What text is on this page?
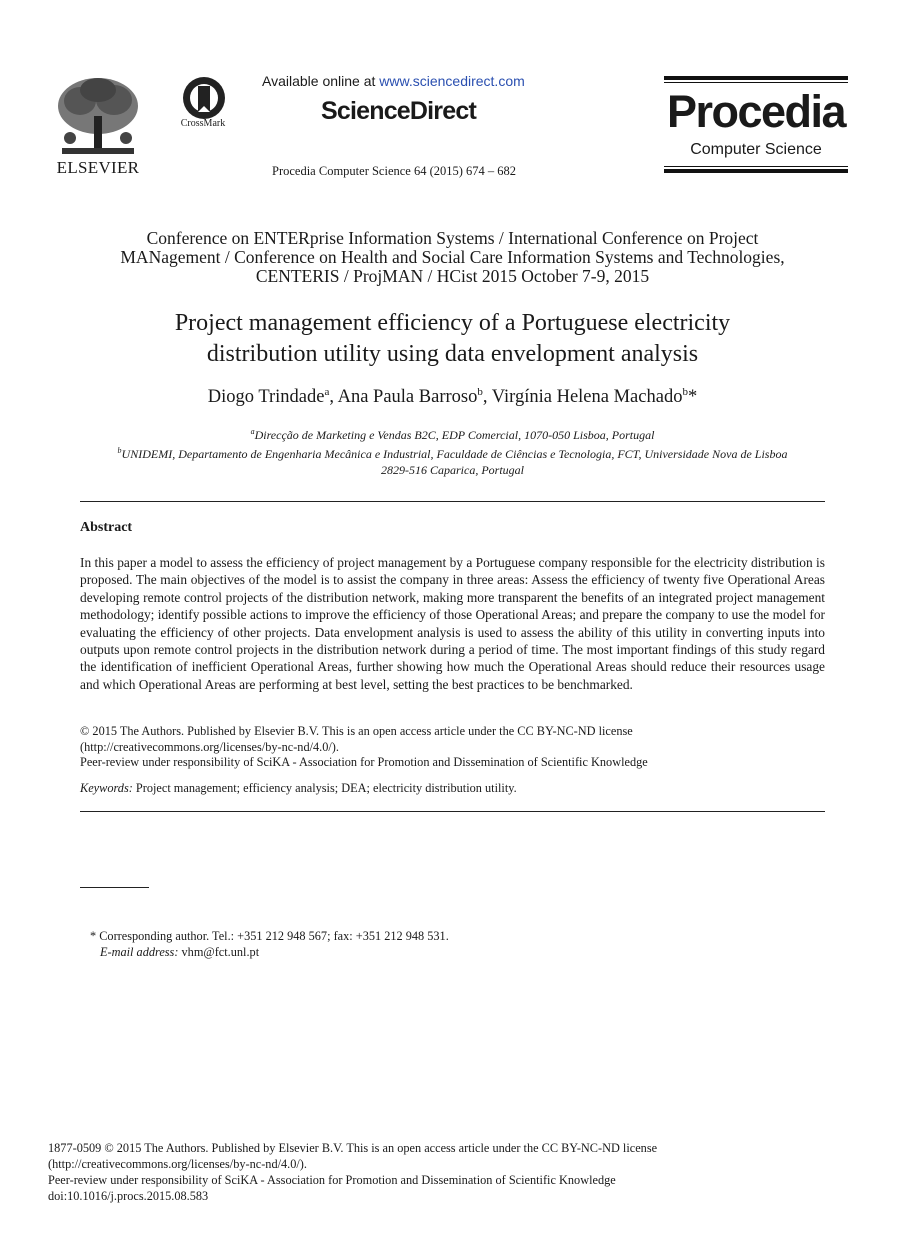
ELSEVIER
CrossMark
Available online at www.sciencedirect.com
ScienceDirect
Procedia Computer Science 64 (2015) 674 – 682
Procedia
Computer Science
Conference on ENTERprise Information Systems / International Conference on Project
MANagement / Conference on Health and Social Care Information Systems and Technologies,
CENTERIS / ProjMAN / HCist 2015 October 7-9, 2015
Project management efficiency of a Portuguese electricity
distribution utility using data envelopment analysis
Diogo Trindade$^a$, Ana Paula Barroso$^b$, Virgínia Helena Machado$^b$*
$^a$Direcção de Marketing e Vendas B2C, EDP Comercial, 1070-050 Lisboa, Portugal
$^b$UNIDEMI, Departamento de Engenharia Mecânica e Industrial, Faculdade de Ciências e Tecnologia, FCT, Universidade Nova de Lisboa
2829-516 Caparica, Portugal
Abstract
In this paper a model to assess the efficiency of project management by a Portuguese company responsible for the electricity distribution is proposed. The main objectives of the model is to assist the company in three areas: Assess the efficiency of twenty five Operational Areas developing remote control projects of the distribution network, making more transparent the benefits of an integrated project management methodology; identify possible actions to improve the efficiency of those Operational Areas; and prepare the company to use the model for evaluating the efficiency of other projects. Data envelopment analysis is used to assess the ability of this utility in converting inputs into outputs upon remote control projects in the distribution network during a period of time. The most important findings of this study regard the identification of inefficient Operational Areas, further showing how much the Operational Areas should reduce their resources usage and which Operational Areas are performing at best level, setting the best practices to be benchmarked.
© 2015 The Authors. Published by Elsevier B.V. This is an open access article under the CC BY-NC-ND license
(http://creativecommons.org/licenses/by-nc-nd/4.0/).
Peer-review under responsibility of SciKA - Association for Promotion and Dissemination of Scientific Knowledge
Keywords: Project management; efficiency analysis; DEA; electricity distribution utility.
* Corresponding author. Tel.: +351 212 948 567; fax: +351 212 948 531.
E-mail address: vhm@fct.unl.pt
1877-0509 © 2015 The Authors. Published by Elsevier B.V. This is an open access article under the CC BY-NC-ND license
(http://creativecommons.org/licenses/by-nc-nd/4.0/).
Peer-review under responsibility of SciKA - Association for Promotion and Dissemination of Scientific Knowledge
doi:10.1016/j.procs.2015.08.583
